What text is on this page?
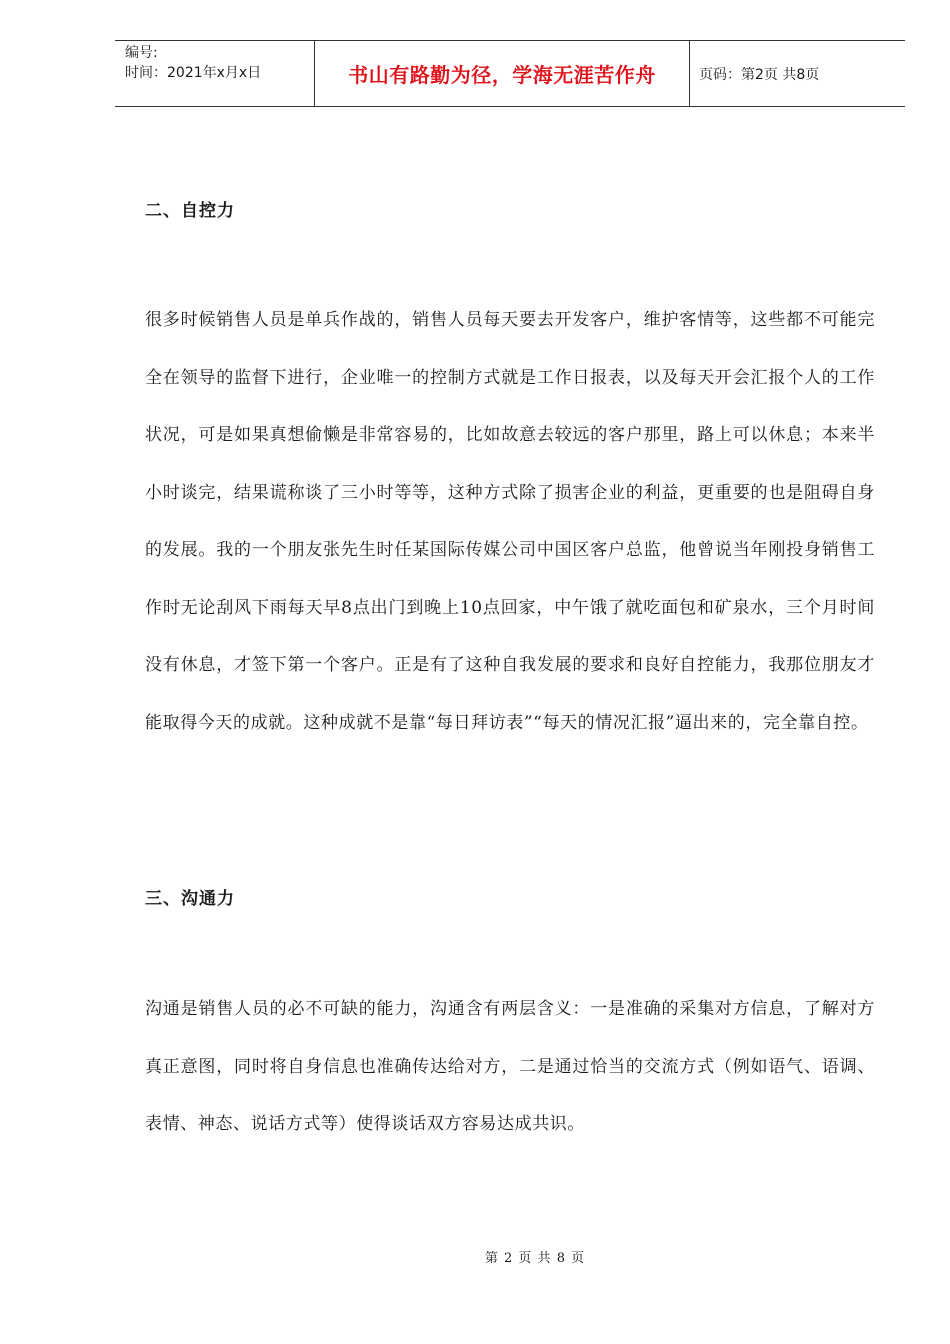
编号:
时间：2021年x月x日	书山有路勤为径，学海无涯苦作舟	页码：第2页 共8页
二、自控力
很多时候销售人员是单兵作战的，销售人员每天要去开发客户，维护客情等，这些都不可能完全在领导的监督下进行，企业唯一的控制方式就是工作日报表，以及每天开会汇报个人的工作状况，可是如果真想偷懒是非常容易的，比如故意去较远的客户那里，路上可以休息；本来半小时谈完，结果谎称谈了三小时等等，这种方式除了损害企业的利益，更重要的也是阻碍自身的发展。我的一个朋友张先生时任某国际传媒公司中国区客户总监，他曾说当年刚投身销售工作时无论刮风下雨每天早8点出门到晚上10点回家，中午饿了就吃面包和矿泉水，三个月时间没有休息，才签下第一个客户。正是有了这种自我发展的要求和良好自控能力，我那位朋友才能取得今天的成就。这种成就不是靠“每日拜访表”“每天的情况汇报”逼出来的，完全靠自控。
三、沟通力
沟通是销售人员的必不可缺的能力，沟通含有两层含义：一是准确的采集对方信息，了解对方真正意图，同时将自身信息也准确传达给对方，二是通过恰当的交流方式（例如语气、语调、表情、神态、说话方式等）使得谈话双方容易达成共识。
第 2 页 共 8 页
